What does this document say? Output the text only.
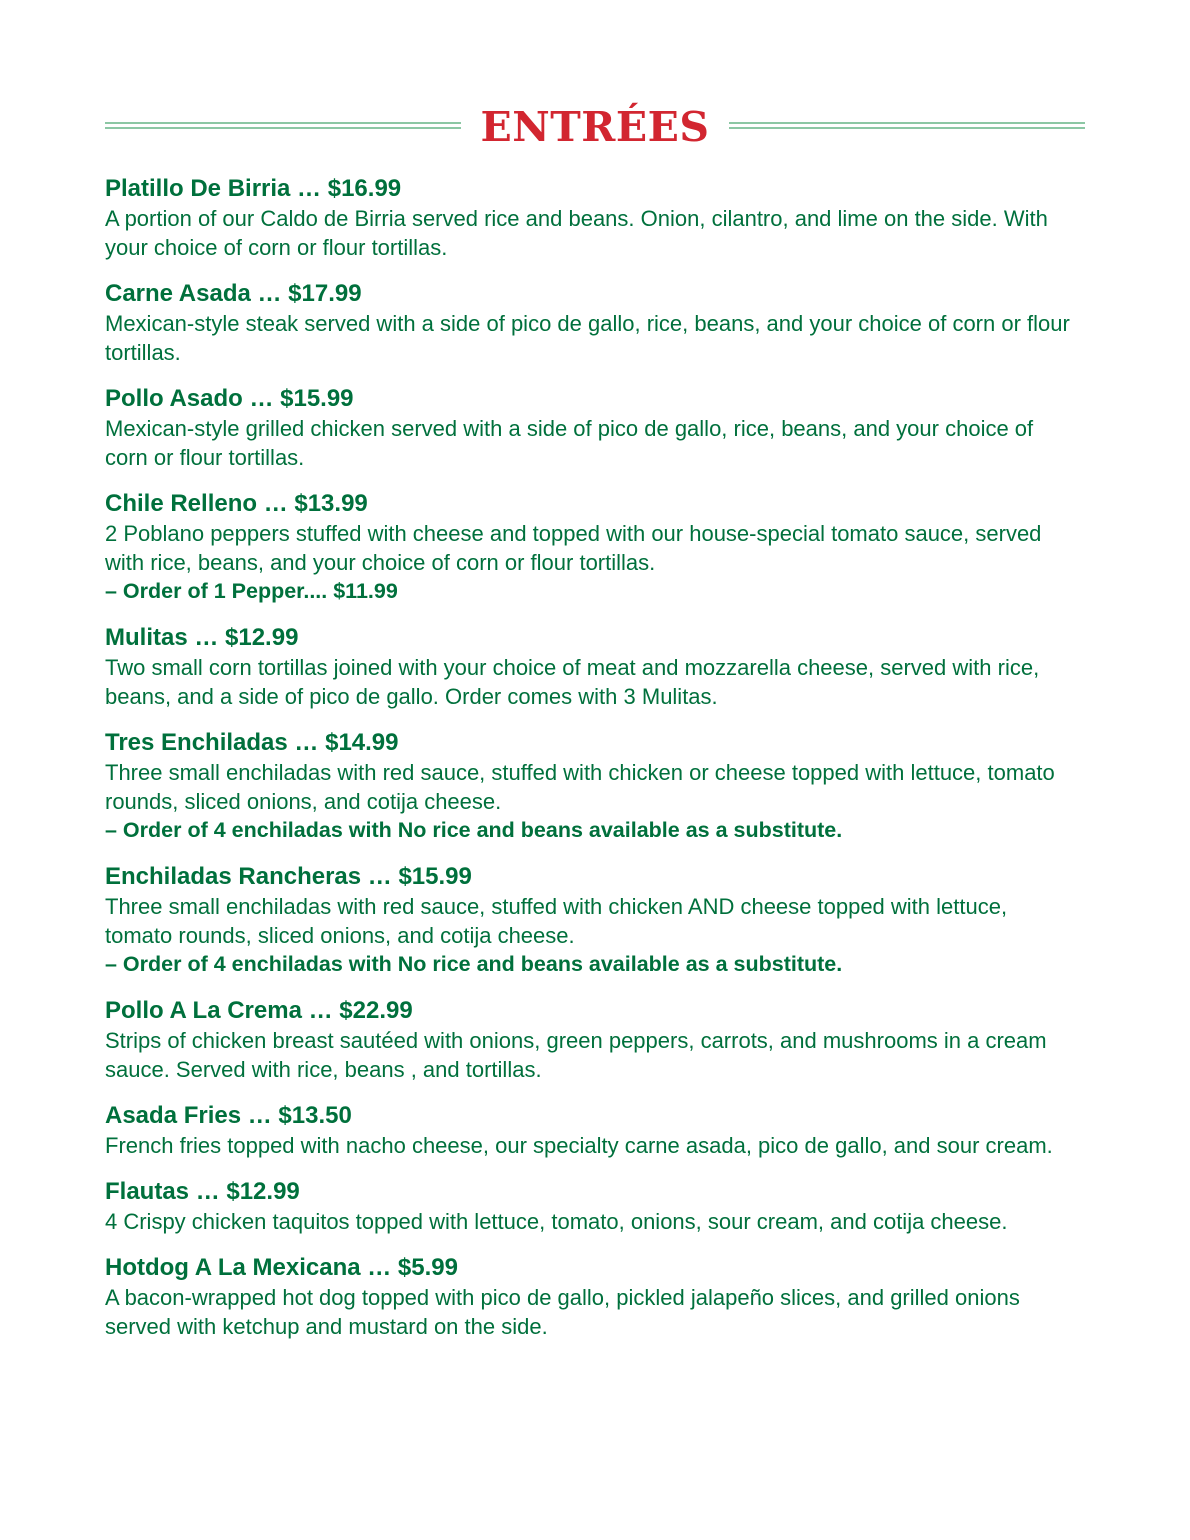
ENTRÉES
Platillo De Birria … $16.99
A portion of our Caldo de Birria served rice and beans. Onion, cilantro, and lime on the side. With your choice of corn or flour tortillas.
Carne Asada … $17.99
Mexican-style steak served with a side of pico de gallo, rice, beans, and your choice of corn or flour tortillas.
Pollo Asado … $15.99
Mexican-style grilled chicken served with a side of pico de gallo, rice, beans, and your choice of corn or flour tortillas.
Chile Relleno … $13.99
2 Poblano peppers stuffed with cheese and topped with our house-special tomato sauce, served with rice, beans, and your choice of corn or flour tortillas.
– Order of 1 Pepper.... $11.99
Mulitas … $12.99
Two small corn tortillas joined with your choice of meat and mozzarella cheese, served with rice, beans, and a side of pico de gallo. Order comes with 3 Mulitas.
Tres Enchiladas … $14.99
Three small enchiladas with red sauce, stuffed with chicken or cheese topped with lettuce, tomato rounds, sliced onions, and cotija cheese.
– Order of 4 enchiladas with No rice and beans available as a substitute.
Enchiladas Rancheras … $15.99
Three small enchiladas with red sauce, stuffed with chicken AND cheese topped with lettuce, tomato rounds, sliced onions, and cotija cheese.
– Order of 4 enchiladas with No rice and beans available as a substitute.
Pollo A La Crema … $22.99
Strips of chicken breast sautéed with onions, green peppers, carrots, and mushrooms in a cream sauce. Served with rice, beans , and tortillas.
Asada Fries … $13.50
French fries topped with nacho cheese, our specialty carne asada, pico de gallo, and sour cream.
Flautas … $12.99
4 Crispy chicken taquitos topped with lettuce, tomato, onions, sour cream, and cotija cheese.
Hotdog A La Mexicana … $5.99
A bacon-wrapped hot dog topped with pico de gallo, pickled jalapeño slices, and grilled onions served with ketchup and mustard on the side.
